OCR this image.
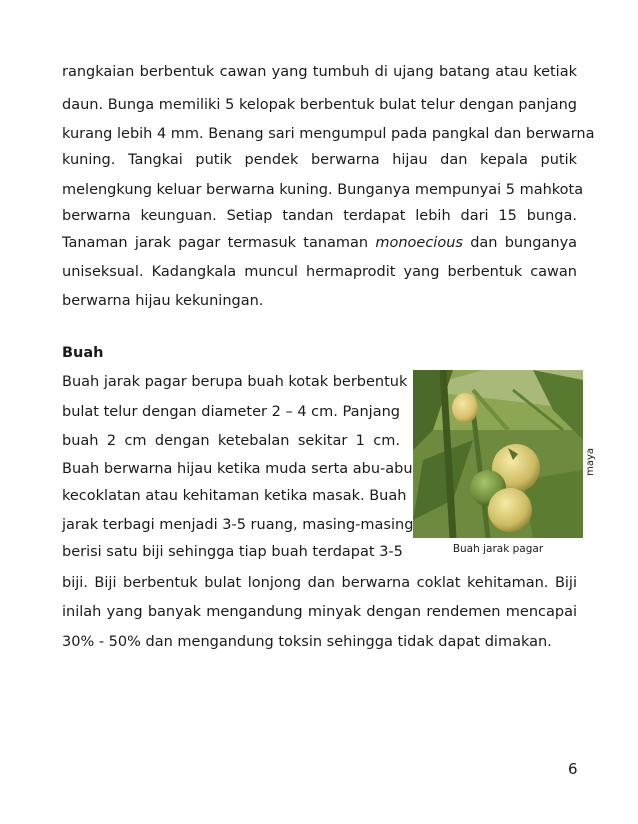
rangkaian berbentuk cawan yang tumbuh di ujang batang atau ketiak
daun. Bunga memiliki 5 kelopak berbentuk bulat telur dengan panjang
kurang lebih 4 mm. Benang sari mengumpul pada pangkal dan berwarna
kuning. Tangkai putik pendek berwarna hijau dan kepala putik
melengkung keluar berwarna kuning. Bunganya mempunyai 5 mahkota
berwarna keunguan. Setiap tandan terdapat lebih dari 15 bunga.
Tanaman jarak pagar termasuk tanaman monoecious dan bunganya
uniseksual. Kadangkala muncul hermaprodit yang berbentuk cawan
berwarna hijau kekuningan.
Buah
Buah jarak pagar berupa buah kotak berbentuk
bulat telur dengan diameter 2 – 4 cm. Panjang
buah 2 cm dengan ketebalan sekitar 1 cm.
Buah berwarna hijau ketika muda serta abu-abu
kecoklatan atau kehitaman ketika masak. Buah
jarak terbagi menjadi 3-5 ruang, masing-masing
berisi satu biji sehingga tiap buah terdapat 3-5
biji. Biji berbentuk bulat lonjong dan berwarna coklat kehitaman. Biji
inilah yang banyak mengandung minyak dengan rendemen mencapai
30% - 50% dan mengandung toksin sehingga tidak dapat dimakan.
maya
Buah jarak pagar
6
